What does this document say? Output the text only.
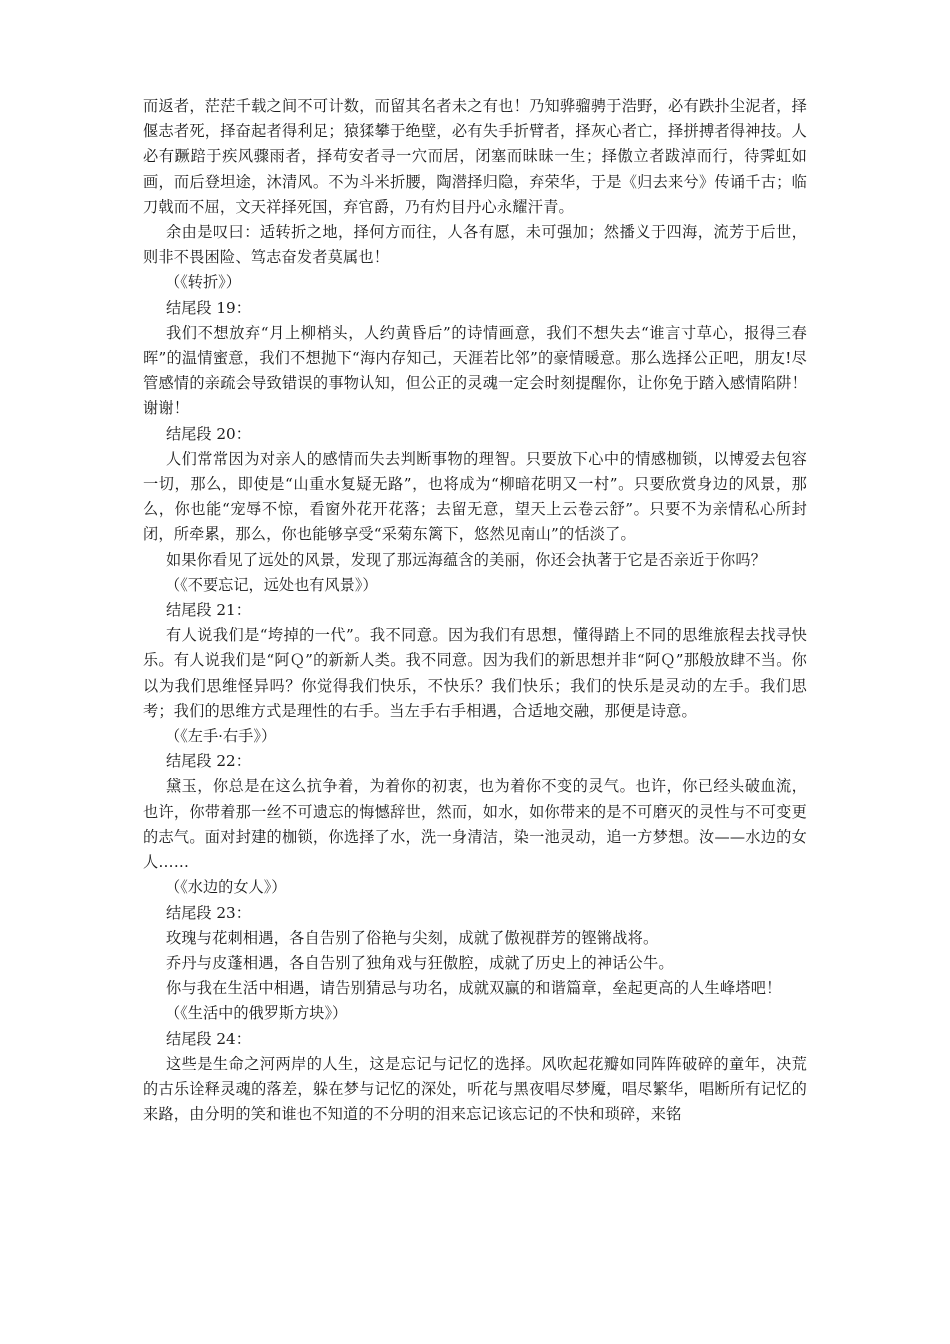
而返者，茫茫千载之间不可计数，而留其名者未之有也！乃知骅骝骋于浩野，必有跌扑尘泥者，择偃志者死，择奋起者得利足；猿猱攀于绝壁，必有失手折臂者，择灰心者亡，择拼搏者得神技。人必有蹶踣于疾风骤雨者，择苟安者寻一穴而居，闭塞而昧昧一生；择傲立者跋淖而行，待霁虹如画，而后登坦途，沐清风。不为斗米折腰，陶潜择归隐，弃荣华，于是《归去来兮》传诵千古；临刀戟而不屈，文天祥择死国，弃官爵，乃有灼目丹心永耀汗青。

余由是叹曰：适转折之地，择何方而往，人各有愿，未可强加；然播义于四海，流芳于后世，则非不畏困险、笃志奋发者莫属也！

（《转折》）

结尾段 19：

我们不想放弃“月上柳梢头，人约黄昏后”的诗情画意，我们不想失去“谁言寸草心，报得三春晖”的温情蜜意，我们不想抛下“海内存知己，天涯若比邻”的豪情暖意。那么选择公正吧，朋友!尽管感情的亲疏会导致错误的事物认知，但公正的灵魂一定会时刻提醒你，让你免于踏入感情陷阱！谢谢！

结尾段 20：

人们常常因为对亲人的感情而失去判断事物的理智。只要放下心中的情感枷锁，以博爱去包容一切，那么，即使是“山重水复疑无路”，也将成为“柳暗花明又一村”。只要欣赏身边的风景，那么，你也能“宠辱不惊，看窗外花开花落；去留无意，望天上云卷云舒”。只要不为亲情私心所封闭，所牵累，那么，你也能够享受“采菊东篱下，悠然见南山”的恬淡了。

如果你看见了远处的风景，发现了那远海蕴含的美丽，你还会执著于它是否亲近于你吗？

（《不要忘记，远处也有风景》）

结尾段 21：

有人说我们是“垮掉的一代”。我不同意。因为我们有思想，懂得踏上不同的思维旅程去找寻快乐。有人说我们是“阿Ｑ”的新新人类。我不同意。因为我们的新思想并非“阿Ｑ”那般放肆不当。你以为我们思维怪异吗？你觉得我们快乐，不快乐？我们快乐；我们的快乐是灵动的左手。我们思考；我们的思维方式是理性的右手。当左手右手相遇，合适地交融，那便是诗意。

（《左手·右手》）

结尾段 22：

黛玉，你总是在这么抗争着，为着你的初衷，也为着你不变的灵气。也许，你已经头破血流，也许，你带着那一丝不可遗忘的悔憾辞世，然而，如水，如你带来的是不可磨灭的灵性与不可变更的志气。面对封建的枷锁，你选择了水，洗一身清洁，染一池灵动，追一方梦想。汝——水边的女人……

（《水边的女人》）

结尾段 23：

玫瑰与花刺相遇，各自告别了俗艳与尖刻，成就了傲视群芳的铿锵战将。

乔丹与皮蓬相遇，各自告别了独角戏与狂傲腔，成就了历史上的神话公牛。

你与我在生活中相遇，请告别猜忌与功名，成就双赢的和谐篇章，垒起更高的人生峰塔吧！

（《生活中的俄罗斯方块》）

结尾段 24：

这些是生命之河两岸的人生，这是忘记与记忆的选择。风吹起花瓣如同阵阵破碎的童年，决荒的古乐诠释灵魂的落差，躲在梦与记忆的深处，听花与黑夜唱尽梦魇，唱尽繁华，唱断所有记忆的来路，由分明的笑和谁也不知道的不分明的泪来忘记该忘记的不快和琐碎，来铭
